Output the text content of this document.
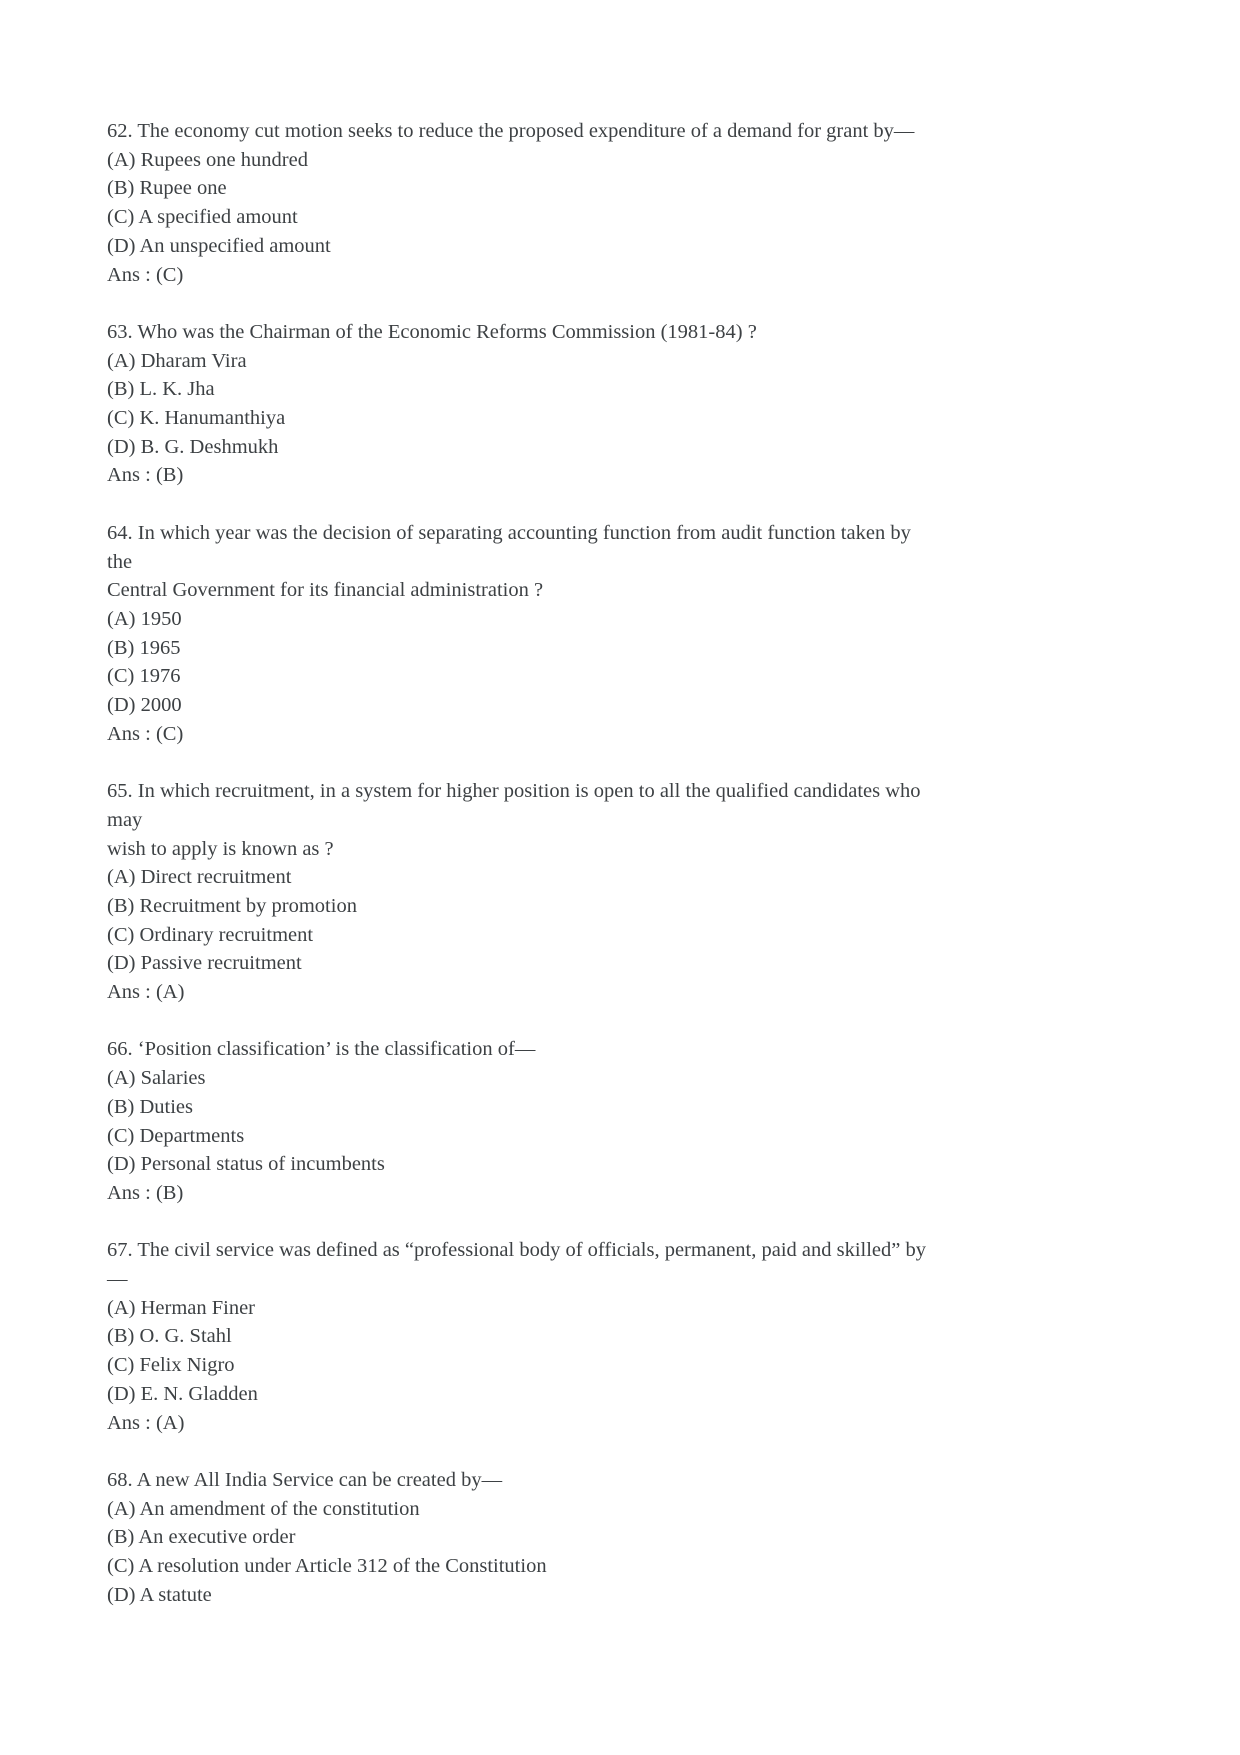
62. The economy cut motion seeks to reduce the proposed expenditure of a demand for grant by—
(A) Rupees one hundred
(B) Rupee one
(C) A specified amount
(D) An unspecified amount
Ans : (C)
63. Who was the Chairman of the Economic Reforms Commission (1981-84) ?
(A) Dharam Vira
(B) L. K. Jha
(C) K. Hanumanthiya
(D) B. G. Deshmukh
Ans : (B)
64. In which year was the decision of separating accounting function from audit function taken by
the
Central Government for its financial administration ?
(A) 1950
(B) 1965
(C) 1976
(D) 2000
Ans : (C)
65. In which recruitment, in a system for higher position is open to all the qualified candidates who
may
wish to apply is known as ?
(A) Direct recruitment
(B) Recruitment by promotion
(C) Ordinary recruitment
(D) Passive recruitment
Ans : (A)
66. ‘Position classification’ is the classification of—
(A) Salaries
(B) Duties
(C) Departments
(D) Personal status of incumbents
Ans : (B)
67. The civil service was defined as “professional body of officials, permanent, paid and skilled” by
—
(A) Herman Finer
(B) O. G. Stahl
(C) Felix Nigro
(D) E. N. Gladden
Ans : (A)
68. A new All India Service can be created by—
(A) An amendment of the constitution
(B) An executive order
(C) A resolution under Article 312 of the Constitution
(D) A statute
